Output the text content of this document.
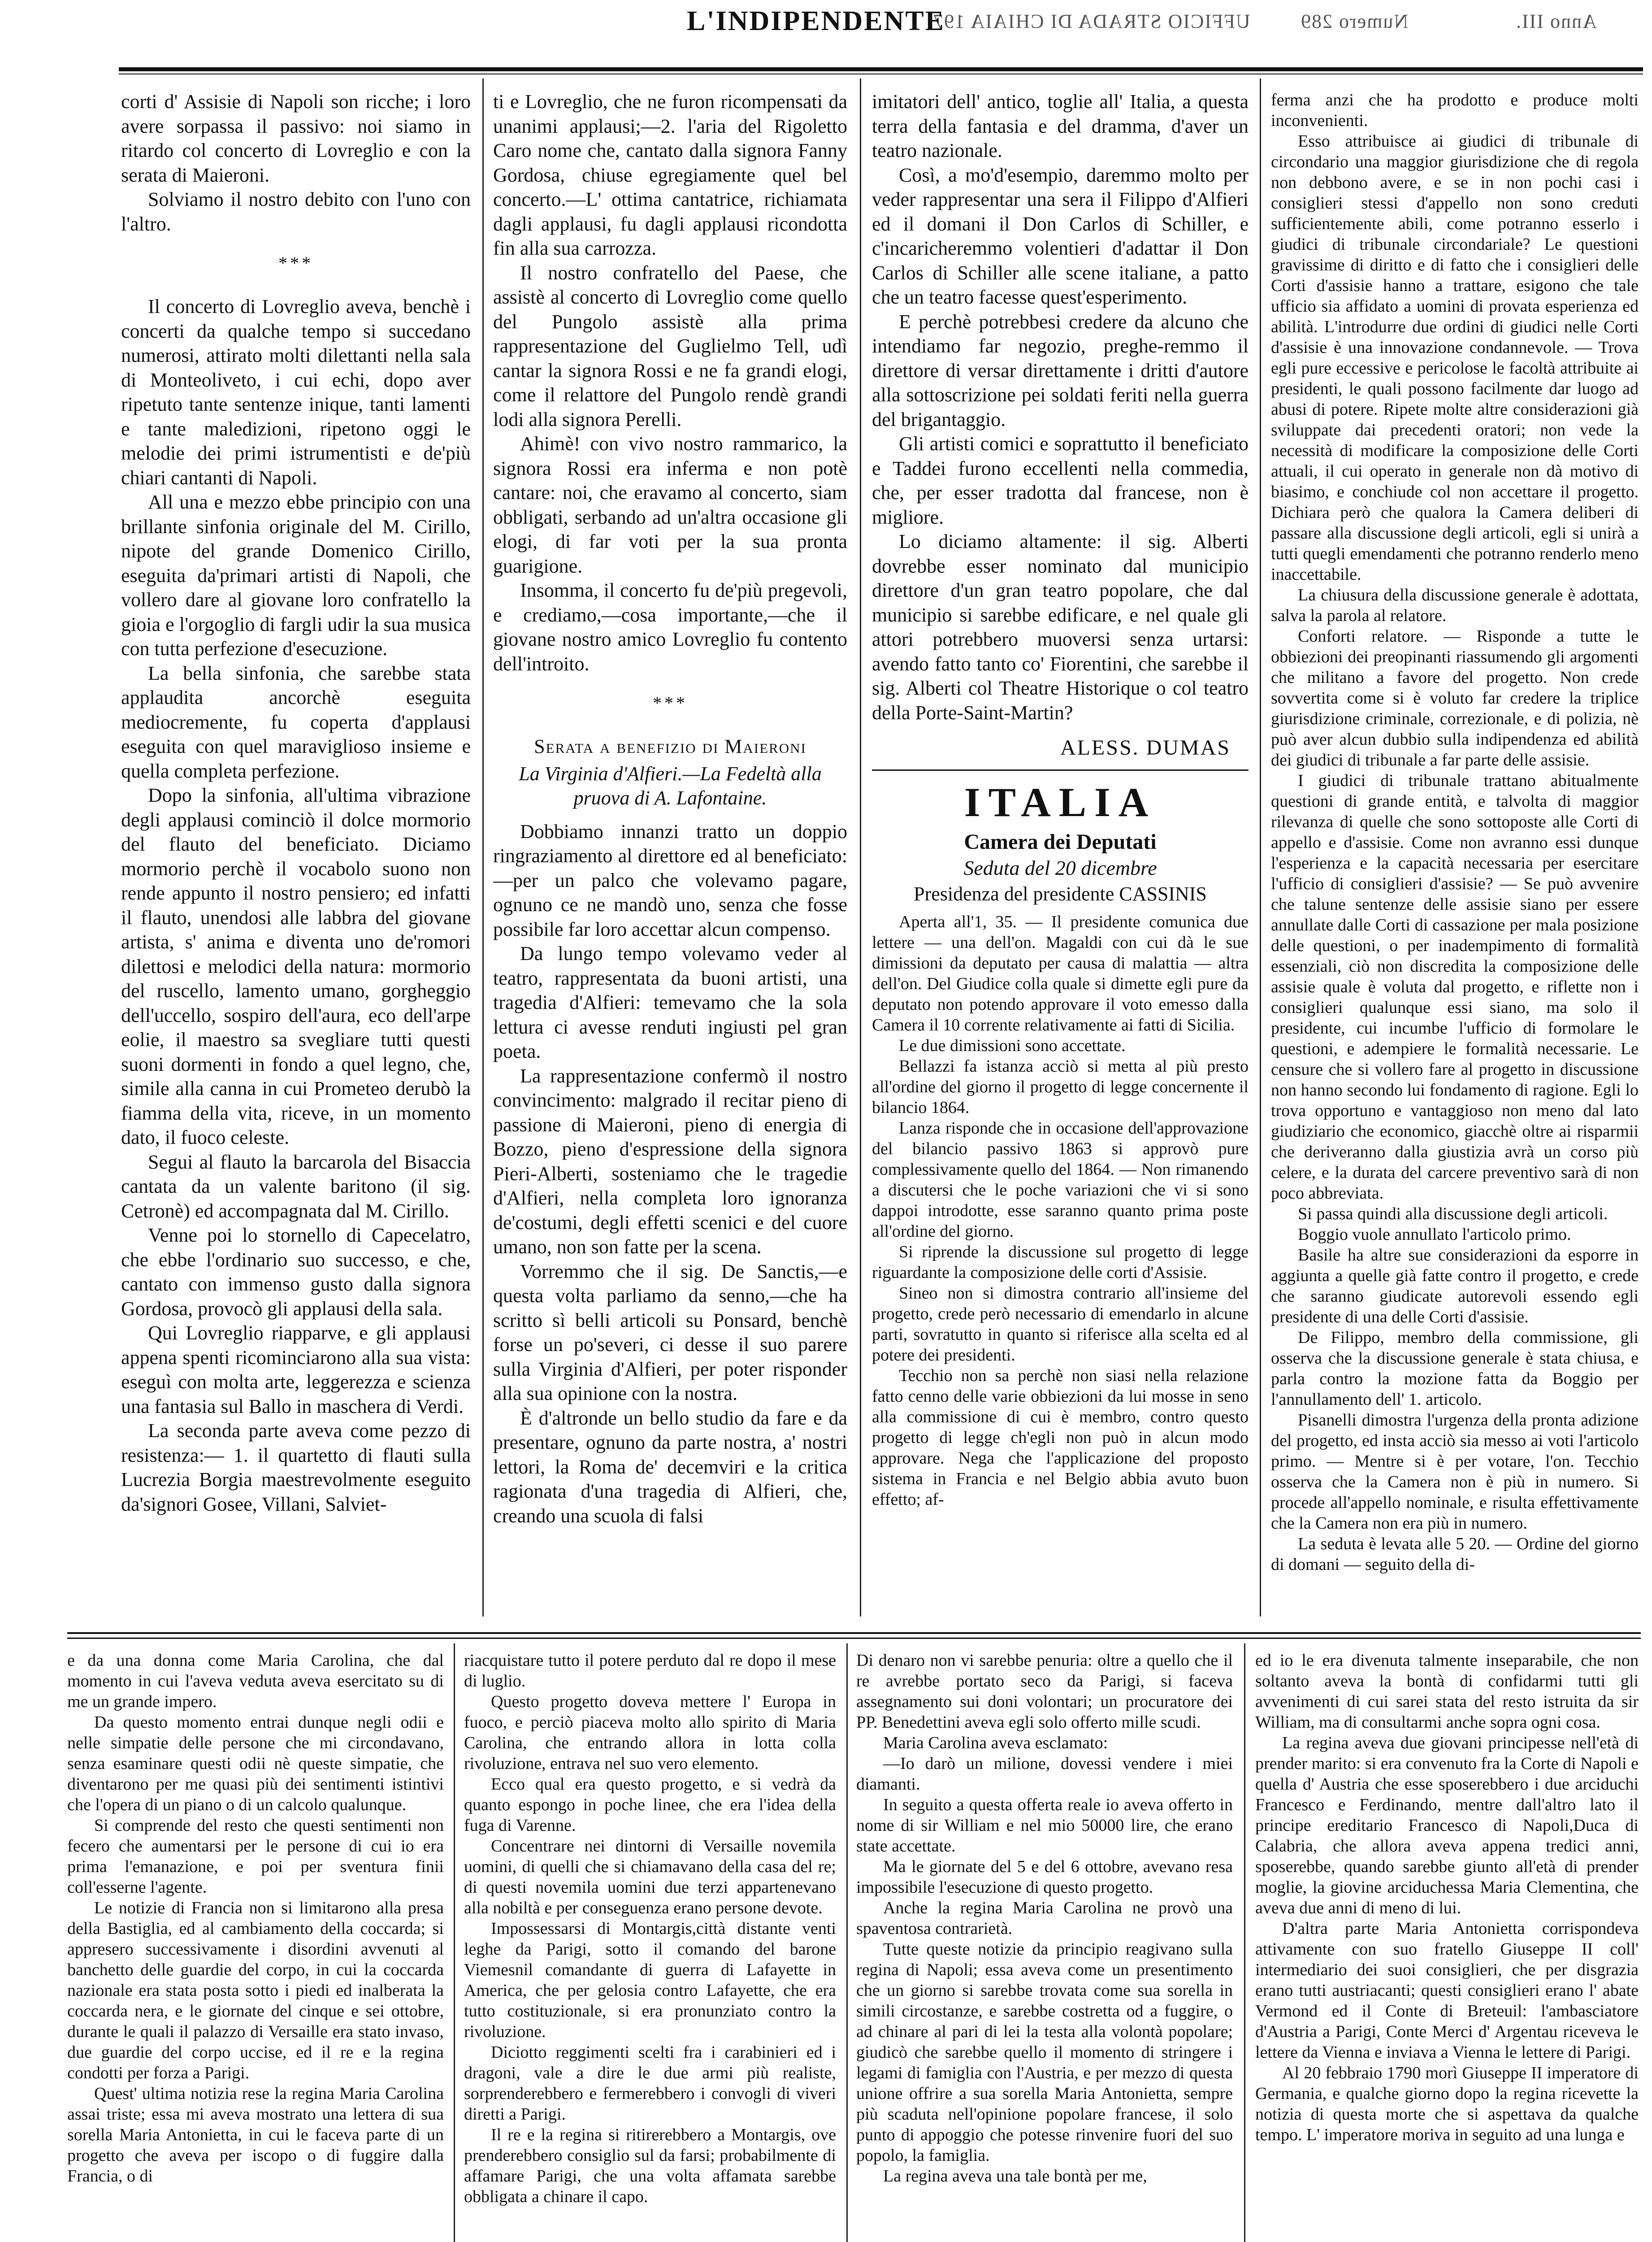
UFFICIO STRADA DI CHIAIA 197	Numero 289	Anno III.
L'INDIPENDENTE

corti d' Assisie di Napoli son ricche; i loro avere sorpassa il passivo: noi siamo in ritardo col concerto di Lovreglio e con la serata di Maieroni.

Solviamo il nostro debito con l'uno con l'altro.

***

Il concerto di Lovreglio aveva, benchè i concerti da qualche tempo si succedano numerosi, attirato molti dilettanti nella sala di Monteoliveto, i cui echi, dopo aver ripetuto tante sentenze inique, tanti lamenti e tante maledizioni, ripetono oggi le melodie dei primi istrumentisti e de'più chiari cantanti di Napoli.

All una e mezzo ebbe principio con una brillante sinfonia originale del M. Cirillo, nipote del grande Domenico Cirillo, eseguita da'primari artisti di Napoli, che vollero dare al giovane loro confratello la gioia e l'orgoglio di fargli udir la sua musica con tutta perfezione d'esecuzione.

La bella sinfonia, che sarebbe stata applaudita ancorchè eseguita mediocremente, fu coperta d'applausi eseguita con quel maraviglioso insieme e quella completa perfezione.

Dopo la sinfonia, all'ultima vibrazione degli applausi cominciò il dolce mormorio del flauto del beneficiato. Diciamo mormorio perchè il vocabolo suono non rende appunto il nostro pensiero; ed infatti il flauto, unendosi alle labbra del giovane artista, s' anima e diventa uno de'romori dilettosi e melodici della natura: mormorio del ruscello, lamento umano, gorgheggio dell'uccello, sospiro dell'aura, eco dell'arpe eolie, il maestro sa svegliare tutti questi suoni dormenti in fondo a quel legno, che, simile alla canna in cui Prometeo derubò la fiamma della vita, riceve, in un momento dato, il fuoco celeste.

Segui al flauto la barcarola del Bisaccia cantata da un valente baritono (il sig. Cetronè) ed accompagnata dal M. Cirillo.

Venne poi lo stornello di Capecelatro, che ebbe l'ordinario suo successo, e che, cantato con immenso gusto dalla signora Gordosa, provocò gli applausi della sala.

Qui Lovreglio riapparve, e gli applausi appena spenti ricominciarono alla sua vista: eseguì con molta arte, leggerezza e scienza una fantasia sul Ballo in maschera di Verdi.

La seconda parte aveva come pezzo di resistenza:— 1. il quartetto di flauti sulla Lucrezia Borgia maestrevolmente eseguito da'signori Gosee, Villani, Salviet-

ti e Lovreglio, che ne furon ricompensati da unanimi applausi;—2. l'aria del Rigoletto Caro nome che, cantato dalla signora Fanny Gordosa, chiuse egregiamente quel bel concerto.—L' ottima cantatrice, richiamata dagli applausi, fu dagli applausi ricondotta fin alla sua carrozza.

Il nostro confratello del Paese, che assistè al concerto di Lovreglio come quello del Pungolo assistè alla prima rappresentazione del Guglielmo Tell, udì cantar la signora Rossi e ne fa grandi elogi, come il relattore del Pungolo rendè grandi lodi alla signora Perelli.

Ahimè! con vivo nostro rammarico, la signora Rossi era inferma e non potè cantare: noi, che eravamo al concerto, siam obbligati, serbando ad un'altra occasione gli elogi, di far voti per la sua pronta guarigione.

Insomma, il concerto fu de'più pregevoli, e crediamo,—cosa importante,—che il giovane nostro amico Lovreglio fu contento dell'introito.

***
Serata a benefizio di Maieroni
La Virginia d'Alfieri.—La Fedeltà alla pruova di A. Lafontaine.

Dobbiamo innanzi tratto un doppio ringraziamento al direttore ed al beneficiato:—per un palco che volevamo pagare, ognuno ce ne mandò uno, senza che fosse possibile far loro accettar alcun compenso.

Da lungo tempo volevamo veder al teatro, rappresentata da buoni artisti, una tragedia d'Alfieri: temevamo che la sola lettura ci avesse renduti ingiusti pel gran poeta.

La rappresentazione confermò il nostro convincimento: malgrado il recitar pieno di passione di Maieroni, pieno di energia di Bozzo, pieno d'espressione della signora Pieri-Alberti, sosteniamo che le tragedie d'Alfieri, nella completa loro ignoranza de'costumi, degli effetti scenici e del cuore umano, non son fatte per la scena.

Vorremmo che il sig. De Sanctis,—e questa volta parliamo da senno,—che ha scritto sì belli articoli su Ponsard, benchè forse un po'severi, ci desse il suo parere sulla Virginia d'Alfieri, per poter risponder alla sua opinione con la nostra.

È d'altronde un bello studio da fare e da presentare, ognuno da parte nostra, a' nostri lettori, la Roma de' decemviri e la critica ragionata d'una tragedia di Alfieri, che, creando una scuola di falsi

imitatori dell' antico, toglie all' Italia, a questa terra della fantasia e del dramma, d'aver un teatro nazionale.

Così, a mo'd'esempio, daremmo molto per veder rappresentar una sera il Filippo d'Alfieri ed il domani il Don Carlos di Schiller, e c'incaricheremmo volentieri d'adattar il Don Carlos di Schiller alle scene italiane, a patto che un teatro facesse quest'esperimento.

E perchè potrebbesi credere da alcuno che intendiamo far negozio, preghe-remmo il direttore di versar direttamente i dritti d'autore alla sottoscrizione pei soldati feriti nella guerra del brigantaggio.

Gli artisti comici e soprattutto il beneficiato e Taddei furono eccellenti nella commedia, che, per esser tradotta dal francese, non è migliore.

Lo diciamo altamente: il sig. Alberti dovrebbe esser nominato dal municipio direttore d'un gran teatro popolare, che dal municipio si sarebbe edificare, e nel quale gli attori potrebbero muoversi senza urtarsi: avendo fatto tanto co' Fiorentini, che sarebbe il sig. Alberti col Theatre Historique o col teatro della Porte-Saint-Martin?

ALESS. DUMAS
ITALIA
Camera dei Deputati
Seduta del 20 dicembre
Presidenza del presidente CASSINIS

Aperta all'1, 35. — Il presidente comunica due lettere — una dell'on. Magaldi con cui dà le sue dimissioni da deputato per causa di malattia — altra dell'on. Del Giudice colla quale si dimette egli pure da deputato non potendo approvare il voto emesso dalla Camera il 10 corrente relativamente ai fatti di Sicilia.

Le due dimissioni sono accettate.

Bellazzi fa istanza acciò si metta al più presto all'ordine del giorno il progetto di legge concernente il bilancio 1864.

Lanza risponde che in occasione dell'approvazione del bilancio passivo 1863 si approvò pure complessivamente quello del 1864. — Non rimanendo a discutersi che le poche variazioni che vi si sono dappoi introdotte, esse saranno quanto prima poste all'ordine del giorno.

Si riprende la discussione sul progetto di legge riguardante la composizione delle corti d'Assisie.

Sineo non si dimostra contrario all'insieme del progetto, crede però necessario di emendarlo in alcune parti, sovratutto in quanto si riferisce alla scelta ed al potere dei presidenti.

Tecchio non sa perchè non siasi nella relazione fatto cenno delle varie obbiezioni da lui mosse in seno alla commissione di cui è membro, contro questo progetto di legge ch'egli non può in alcun modo approvare. Nega che l'applicazione del proposto sistema in Francia e nel Belgio abbia avuto buon effetto; af-

ferma anzi che ha prodotto e produce molti inconvenienti.

Esso attribuisce ai giudici di tribunale di circondario una maggior giurisdizione che di regola non debbono avere, e se in non pochi casi i consiglieri stessi d'appello non sono creduti sufficientemente abili, come potranno esserlo i giudici di tribunale circondariale? Le questioni gravissime di diritto e di fatto che i consiglieri delle Corti d'assisie hanno a trattare, esigono che tale ufficio sia affidato a uomini di provata esperienza ed abilità. L'introdurre due ordini di giudici nelle Corti d'assisie è una innovazione condannevole. — Trova egli pure eccessive e pericolose le facoltà attribuite ai presidenti, le quali possono facilmente dar luogo ad abusi di potere. Ripete molte altre considerazioni già sviluppate dai precedenti oratori; non vede la necessità di modificare la composizione delle Corti attuali, il cui operato in generale non dà motivo di biasimo, e conchiude col non accettare il progetto. Dichiara però che qualora la Camera deliberi di passare alla discussione degli articoli, egli si unirà a tutti quegli emendamenti che potranno renderlo meno inaccettabile.

La chiusura della discussione generale è adottata, salva la parola al relatore.

Conforti relatore. — Risponde a tutte le obbiezioni dei preopinanti riassumendo gli argomenti che militano a favore del progetto. Non crede sovvertita come si è voluto far credere la triplice giurisdizione criminale, correzionale, e di polizia, nè può aver alcun dubbio sulla indipendenza ed abilità dei giudici di tribunale a far parte delle assisie.

I giudici di tribunale trattano abitualmente questioni di grande entità, e talvolta di maggior rilevanza di quelle che sono sottoposte alle Corti di appello e d'assisie. Come non avranno essi dunque l'esperienza e la capacità necessaria per esercitare l'ufficio di consiglieri d'assisie? — Se può avvenire che talune sentenze delle assisie siano per essere annullate dalle Corti di cassazione per mala posizione delle questioni, o per inadempimento di formalità essenziali, ciò non discredita la composizione delle assisie quale è voluta dal progetto, e riflette non i consiglieri qualunque essi siano, ma solo il presidente, cui incumbe l'ufficio di formolare le questioni, e adempiere le formalità necessarie. Le censure che si vollero fare al progetto in discussione non hanno secondo lui fondamento di ragione. Egli lo trova opportuno e vantaggioso non meno dal lato giudiziario che economico, giacchè oltre ai risparmii che deriveranno dalla giustizia avrà un corso più celere, e la durata del carcere preventivo sarà di non poco abbreviata.

Si passa quindi alla discussione degli articoli.

Boggio vuole annullato l'articolo primo.

Basile ha altre sue considerazioni da esporre in aggiunta a quelle già fatte contro il progetto, e crede che saranno giudicate autorevoli essendo egli presidente di una delle Corti d'assisie.

De Filippo, membro della commissione, gli osserva che la discussione generale è stata chiusa, e parla contro la mozione fatta da Boggio per l'annullamento dell' 1. articolo.

Pisanelli dimostra l'urgenza della pronta adizione del progetto, ed insta acciò sia messo ai voti l'articolo primo. — Mentre si è per votare, l'on. Tecchio osserva che la Camera non è più in numero. Si procede all'appello nominale, e risulta effettivamente che la Camera non era più in numero.

La seduta è levata alle 5 20. — Ordine del giorno di domani — seguito della di-

e da una donna come Maria Carolina, che dal momento in cui l'aveva veduta aveva esercitato su di me un grande impero.

Da questo momento entrai dunque negli odii e nelle simpatie delle persone che mi circondavano, senza esaminare questi odii nè queste simpatie, che diventarono per me quasi più dei sentimenti istintivi che l'opera di un piano o di un calcolo qualunque.

Si comprende del resto che questi sentimenti non fecero che aumentarsi per le persone di cui io era prima l'emanazione, e poi per sventura finii coll'esserne l'agente.

Le notizie di Francia non si limitarono alla presa della Bastiglia, ed al cambiamento della coccarda; si appresero successivamente i disordini avvenuti al banchetto delle guardie del corpo, in cui la coccarda nazionale era stata posta sotto i piedi ed inalberata la coccarda nera, e le giornate del cinque e sei ottobre, durante le quali il palazzo di Versaille era stato invaso, due guardie del corpo uccise, ed il re e la regina condotti per forza a Parigi.

Quest' ultima notizia rese la regina Maria Carolina assai triste; essa mi aveva mostrato una lettera di sua sorella Maria Antonietta, in cui le faceva parte di un progetto che aveva per iscopo o di fuggire dalla Francia, o di

riacquistare tutto il potere perduto dal re dopo il mese di luglio.

Questo progetto doveva mettere l' Europa in fuoco, e perciò piaceva molto allo spirito di Maria Carolina, che entrando allora in lotta colla rivoluzione, entrava nel suo vero elemento.

Ecco qual era questo progetto, e si vedrà da quanto espongo in poche linee, che era l'idea della fuga di Varenne.

Concentrare nei dintorni di Versaille novemila uomini, di quelli che si chiamavano della casa del re; di questi novemila uomini due terzi appartenevano alla nobiltà e per conseguenza erano persone devote.

Impossessarsi di Montargis,città distante venti leghe da Parigi, sotto il comando del barone Viemesnil comandante di guerra di Lafayette in America, che per gelosia contro Lafayette, che era tutto costituzionale, si era pronunziato contro la rivoluzione.

Diciotto reggimenti scelti fra i carabinieri ed i dragoni, vale a dire le due armi più realiste, sorprenderebbero e fermerebbero i convogli di viveri diretti a Parigi.

Il re e la regina si ritirerebbero a Montargis, ove prenderebbero consiglio sul da farsi; probabilmente di affamare Parigi, che una volta affamata sarebbe obbligata a chinare il capo.

Di denaro non vi sarebbe penuria: oltre a quello che il re avrebbe portato seco da Parigi, si faceva assegnamento sui doni volontari; un procuratore dei PP. Benedettini aveva egli solo offerto mille scudi.

Maria Carolina aveva esclamato:

—Io darò un milione, dovessi vendere i miei diamanti.

In seguito a questa offerta reale io aveva offerto in nome di sir William e nel mio 50000 lire, che erano state accettate.

Ma le giornate del 5 e del 6 ottobre, avevano resa impossibile l'esecuzione di questo progetto.

Anche la regina Maria Carolina ne provò una spaventosa contrarietà.

Tutte queste notizie da principio reagivano sulla regina di Napoli; essa aveva come un presentimento che un giorno si sarebbe trovata come sua sorella in simili circostanze, e sarebbe costretta od a fuggire, o ad chinare al pari di lei la testa alla volontà popolare; giudicò che sarebbe quello il momento di stringere i legami di famiglia con l'Austria, e per mezzo di questa unione offrire a sua sorella Maria Antonietta, sempre più scaduta nell'opinione popolare francese, il solo punto di appoggio che potesse rinvenire fuori del suo popolo, la famiglia.

La regina aveva una tale bontà per me,

ed io le era divenuta talmente inseparabile, che non soltanto aveva la bontà di confidarmi tutti gli avvenimenti di cui sarei stata del resto istruita da sir William, ma di consultarmi anche sopra ogni cosa.

La regina aveva due giovani principesse nell'età di prender marito: si era convenuto fra la Corte di Napoli e quella d' Austria che esse sposerebbero i due arciduchi Francesco e Ferdinando, mentre dall'altro lato il principe ereditario Francesco di Napoli,Duca di Calabria, che allora aveva appena tredici anni, sposerebbe, quando sarebbe giunto all'età di prender moglie, la giovine arciduchessa Maria Clementina, che aveva due anni di meno di lui.

D'altra parte Maria Antonietta corrispondeva attivamente con suo fratello Giuseppe II coll' intermediario dei suoi consiglieri, che per disgrazia erano tutti austriacanti; questi consiglieri erano l' abate Vermond ed il Conte di Breteuil: l'ambasciatore d'Austria a Parigi, Conte Merci d' Argentau riceveva le lettere da Vienna e inviava a Vienna le lettere di Parigi.

Al 20 febbraio 1790 morì Giuseppe II imperatore di Germania, e qualche giorno dopo la regina ricevette la notizia di questa morte che si aspettava da qualche tempo. L' imperatore moriva in seguito ad una lunga e
